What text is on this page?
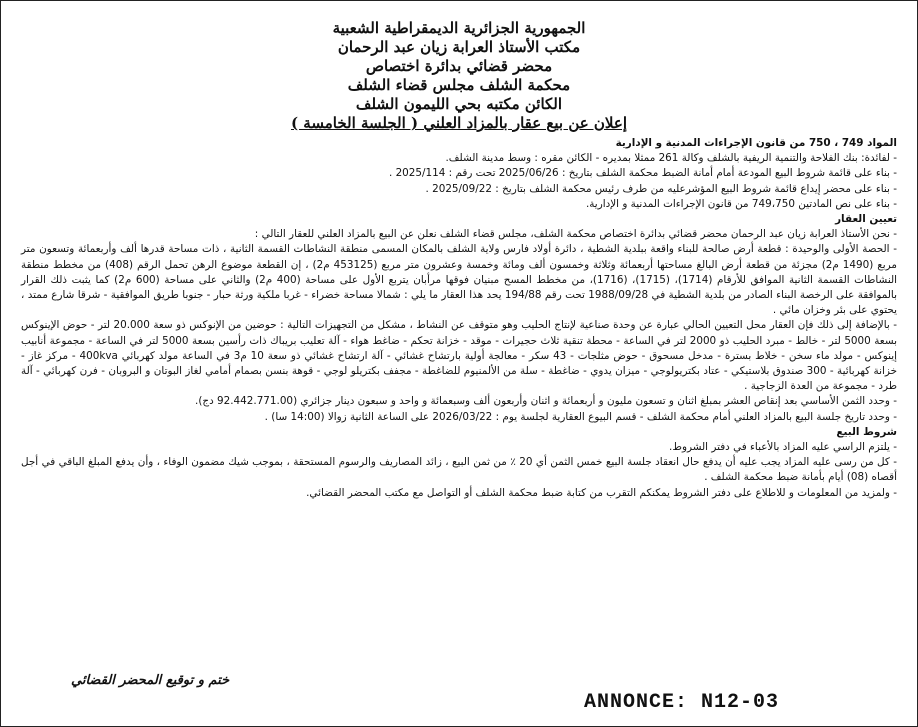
الجمهورية الجزائرية الديمقراطية الشعبية
مكتب الأستاذ العرابة زيان عبد الرحمان
محضر قضائي بدائرة اختصاص
محكمة الشلف مجلس قضاء الشلف
الكائن مكتبه بحي الليمون الشلف
إعلان عن بيع عقار بالمزاد العلني ( الجلسة الخامسة )

المواد 749 ، 750 من قانون الإجراءات المدنية و الإدارية

- لفائدة: بنك الفلاحة والتنمية الريفية بالشلف وكالة 261 ممثلا بمديره - الكائن مقره : وسط مدينة الشلف.

- بناء على قائمة شروط البيع المودعة أمام أمانة الضبط محكمة الشلف بتاريخ : 2025/06/26 تحت رقم : 2025/114 .

- بناء على محضر إيداع قائمة شروط البيع المؤشرعليه من طرف رئيس محكمة الشلف بتاريخ : 2025/09/22 .

- بناء على نص المادتين 749،750 من قانون الإجراءات المدنية و الإدارية.

تعيين العقار

- نحن الأستاذ العرابة زيان عبد الرحمان محضر قضائي بدائرة اختصاص محكمة الشلف، مجلس قضاء الشلف نعلن عن البيع بالمزاد العلني للعقار التالي :

- الحصة الأولى والوحيدة : قطعة أرض صالحة للبناء واقعة ببلدية الشطية ، دائرة أولاد فارس ولاية الشلف بالمكان المسمى منطقة النشاطات القسمة الثانية ، ذات مساحة قدرها ألف وأربعمائة وتسعون متر مربع (1490 م2) مجزئة من قطعة أرض البالغ مساحتها أربعمائة وثلاثة وخمسون ألف ومائة وخمسة وعشرون متر مربع (453125 م2) ، إن القطعة موضوع الرهن تحمل الرقم (408) من مخطط منطقة النشاطات القسمة الثانية الموافق للأرقام (1714)، (1715)، (1716)، من مخطط المسح مبنيان فوقها مرأبان يتربع الأول على مساحة (400 م2) والثاني على مساحة (600 م2) كما يثبت ذلك القرار بالموافقة على الرخصة البناء الصادر من بلدية الشطية في 1988/09/28 تحت رقم 194/88 يحد هذا العقار ما يلي : شمالا مساحة خضراء - غربا ملكية ورثة حبار - جنوبا طريق الموافقية - شرقا شارع ممتد ، يحتوي على بئر وخزان مائي .

- بالإضافة إلى ذلك فإن العقار محل التعيين الحالي عبارة عن وحدة صناعية لإنتاج الحليب وهو متوقف عن النشاط ، مشكل من التجهيزات التالية : حوضين من الإنوكس ذو سعة 20.000 لتر - حوض الإينوكس بسعة 5000 لتر - خالط - مبرد الحليب ذو 2000 لتر في الساعة - محطة تنقية ثلاث حجيرات - موقد - خزانة تحكم - ضاغط هواء - آلة تعليب بريباك ذات رأسين بسعة 5000 لتر في الساعة - مجموعة أنابيب إينوكس - مولد ماء سخن - خلاط بسترة - مدخل مسحوق - حوض مثلجات - 43 سكر - معالجة أولية بارتشاح غشائي - آلة ارتشاح غشائي ذو سعة 10 م3 في الساعة مولد كهربائي 400kva - مركز غاز - خزانة كهربائية - 300 صندوق بلاستيكي - عتاد بكتريولوجي - ميزان يدوي - ضاغطة - سلة من الألمنيوم للضاغطة - مجفف بكتريلو لوجي - قوهة بنسن بصمام أمامي لغاز البوتان و البروبان - فرن كهربائي - آلة طرد - مجموعة من العدة الزجاجية .

- وحدد الثمن الأساسي بعد إنقاص العشر بمبلغ اثنان و تسعون مليون و أربعمائة و اثنان وأربعون ألف وسبعمائة و واحد و سبعون دينار جزائري (92.442.771.00 دج).

- وحدد تاريخ جلسة البيع بالمزاد العلني أمام محكمة الشلف - قسم البيوع العقارية لجلسة يوم : 2026/03/22 على الساعة الثانية زوالا (14:00 سا) .

شروط البيع

- يلتزم الراسي عليه المزاد بالأعباء في دفتر الشروط.

- كل من رسى عليه المزاد يجب عليه أن يدفع حال انعقاد جلسة البيع خمس الثمن أي 20 ٪ من ثمن البيع ، زائد المصاريف والرسوم المستحقة ، بموجب شيك مضمون الوفاء ، وأن يدفع المبلغ الباقي في أجل أقصاه (08) أيام بأمانة ضبط محكمة الشلف .

- ولمزيد من المعلومات و للاطلاع على دفتر الشروط يمكنكم التقرب من كتابة ضبط محكمة الشلف أو التواصل مع مكتب المحضر القضائي.

ختم و توقيع المحضر القضائي
ANNONCE: N12-03
